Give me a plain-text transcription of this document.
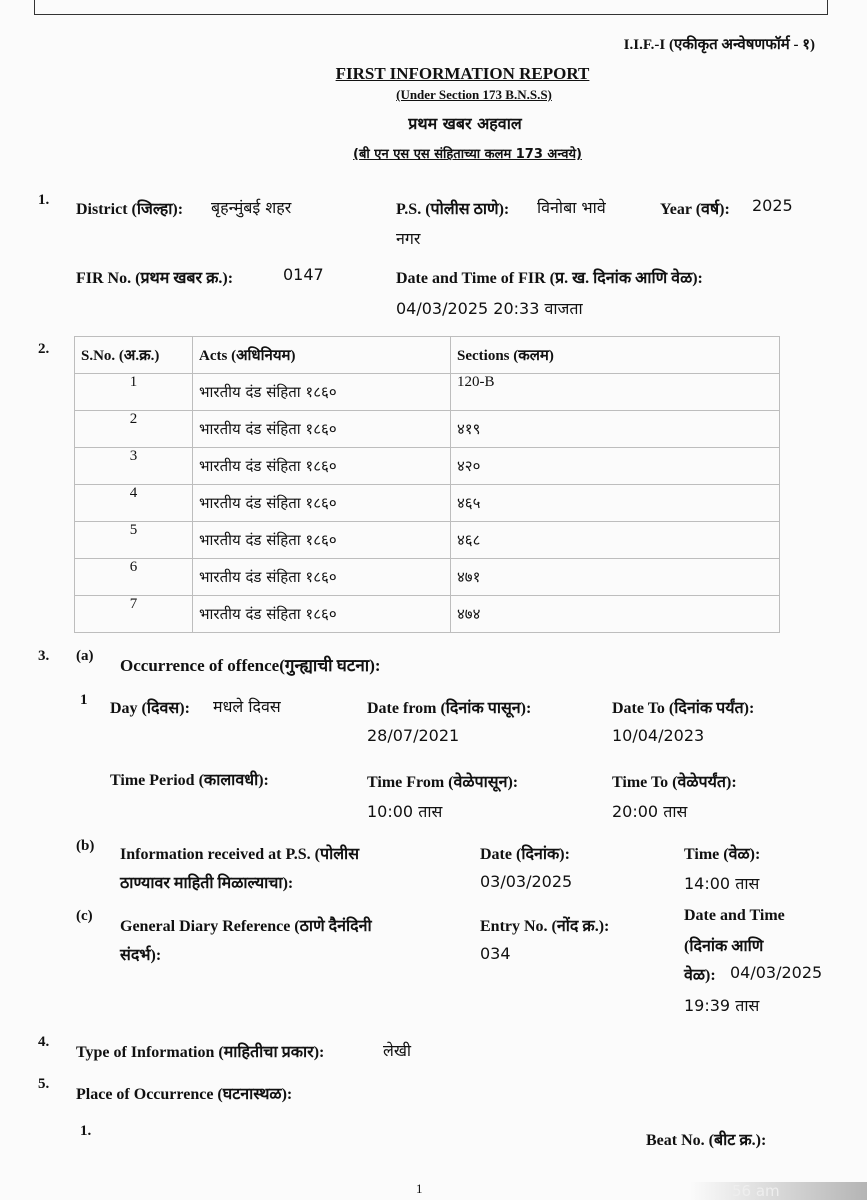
I.I.F.-I (एकीकृत अन्वेषणफॉर्म - १)
FIRST INFORMATION REPORT
(Under Section 173 B.N.S.S)
प्रथम खबर अहवाल
(बी एन एस एस संहिताच्या कलम 173 अन्वये)
1.
District (जिल्हा): बृहन्मुंबई शहर	P.S. (पोलीस ठाणे): विनोबा भावे
नगर
Year (वर्ष): 2025
FIR No. (प्रथम खबर क्र.):	0147	Date and Time of FIR (प्र. ख. दिनांक आणि वेळ):
04/03/2025 20:33 वाजता
2. S.No. (अ.क्र.)	Acts (अधिनियम)	Sections (कलम)
1	भारतीय दंड संहिता १८६०	120-B
2	भारतीय दंड संहिता १८६०	४१९
3	भारतीय दंड संहिता १८६०	४२०
4	भारतीय दंड संहिता १८६०	४६५
5	भारतीय दंड संहिता १८६०	४६८
6	भारतीय दंड संहिता १८६०	४७१
7	भारतीय दंड संहिता १८६०	४७४
3. (a) Occurrence of offence(गुन्ह्याची घटना):
1 Day (दिवस): मधले दिवस	Date from (दिनांक पासून):
28/07/2021
Date To (दिनांक पर्यंत):
10/04/2023
Time Period (कालावधी):	Time From (वेळेपासून):
10:00 तास
Time To (वेळेपर्यंत):
20:00 तास
(b) Information received at P.S. (पोलीस
ठाण्यावर माहिती मिळाल्याचा):
Date (दिनांक):
03/03/2025
Time (वेळ):
14:00 तास
(c)
General Diary Reference (ठाणे दैनंदिनी
संदर्भ):
Entry No. (नोंद क्र.):
034
Date and Time
(दिनांक आणि
वेळ): 04/03/2025
19:39 तास
4.
Type of Information (माहितीचा प्रकार):	लेखी
5.
Place of Occurrence (घटनास्थळ):
1.
Beat No. (बीट क्र.):
1	56 am
